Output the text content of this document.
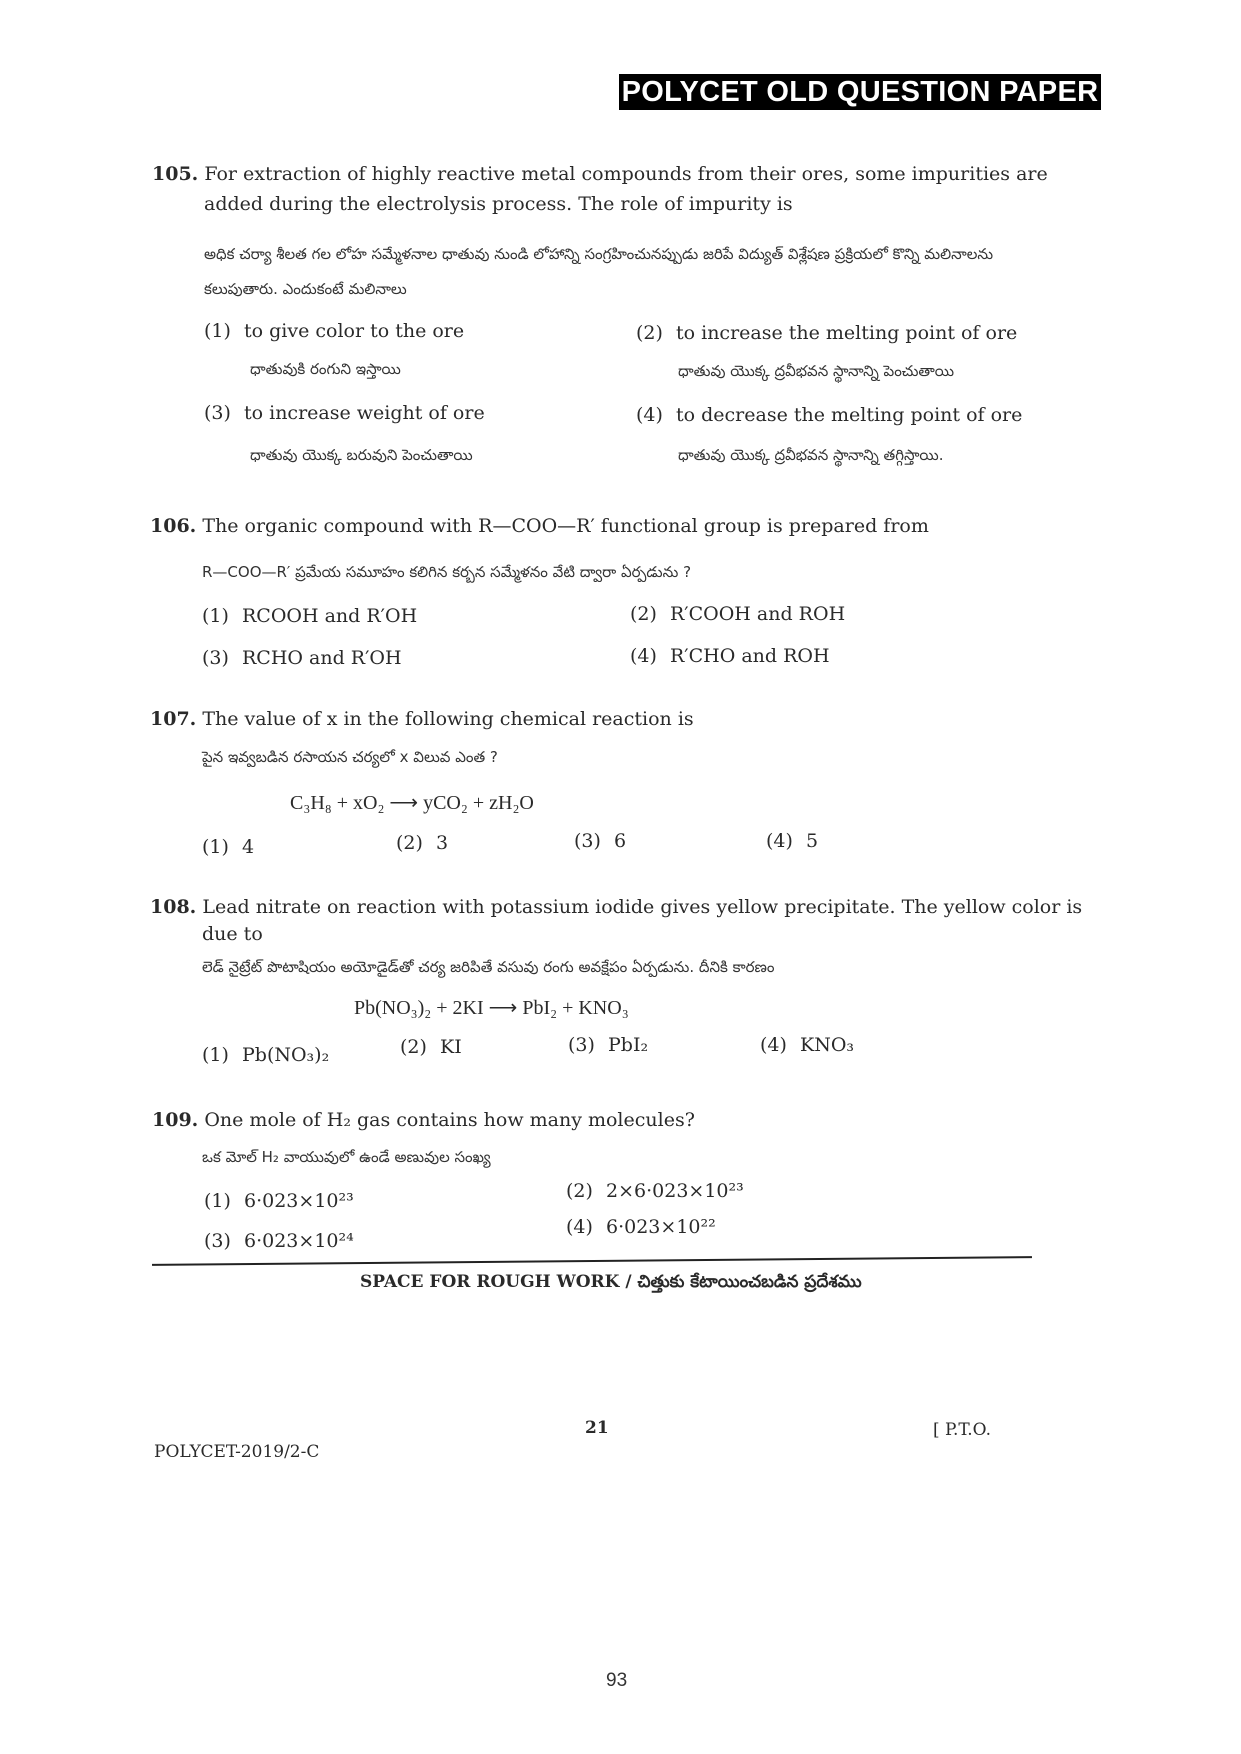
POLYCET OLD QUESTION PAPER
105. For extraction of highly reactive metal compounds from their ores, some impurities are
added during the electrolysis process. The role of impurity is
అధిక చర్యా శీలత గల లోహ సమ్మేళనాల ధాతువు నుండి లోహాన్ని సంగ్రహించునప్పుడు జరిపే విద్యుత్ విశ్లేషణ ప్రక్రియలో కొన్ని మలినాలను
కలుపుతారు. ఎందుకంటే మలినాలు
(1) to give color to the ore
ధాతువుకి రంగుని ఇస్తాయి
(2) to increase the melting point of ore
ధాతువు యొక్క ద్రవీభవన స్థానాన్ని పెంచుతాయి
(3) to increase weight of ore
ధాతువు యొక్క బరువుని పెంచుతాయి
(4) to decrease the melting point of ore
ధాతువు యొక్క ద్రవీభవన స్థానాన్ని తగ్గిస్తాయి.
106. The organic compound with R—COO—R′ functional group is prepared from
R—COO—R′ ప్రమేయ సమూహం కలిగిన కర్బన సమ్మేళనం వేటి ద్వారా ఏర్పడును ?
(1) RCOOH and R′OH	(2) R′COOH and ROH
(3) RCHO and R′OH	(4) R′CHO and ROH
107. The value of x in the following chemical reaction is
పైన ఇవ్వబడిన రసాయన చర్యలో x విలువ ఎంత ?
C₃H₈ + xO₂ ⟶ yCO₂ + zH₂O
(1) 4	(2) 3	(3) 6	(4) 5
108. Lead nitrate on reaction with potassium iodide gives yellow precipitate. The yellow color is
due to
లెడ్ నైట్రేట్ పొటాషియం అయోడైడ్‌తో చర్య జరిపితే వసువు రంగు అవక్షేపం ఏర్పడును. దీనికి కారణం
Pb(NO₃)₂ + 2KI ⟶ PbI₂ + KNO₃
(1) Pb(NO₃)₂	(2) KI	(3) PbI₂	(4) KNO₃
109. One mole of H₂ gas contains how many molecules?
ఒక మోల్ H₂ వాయువులో ఉండే అణువుల సంఖ్య
(1) 6·023×10²³	(2) 2×6·023×10²³
(3) 6·023×10²⁴
(4) 6·023×10²²
SPACE FOR ROUGH WORK / చిత్తుకు కేటాయించబడిన ప్రదేశము
POLYCET-2019/2-C
21	[ P.T.O.
93
